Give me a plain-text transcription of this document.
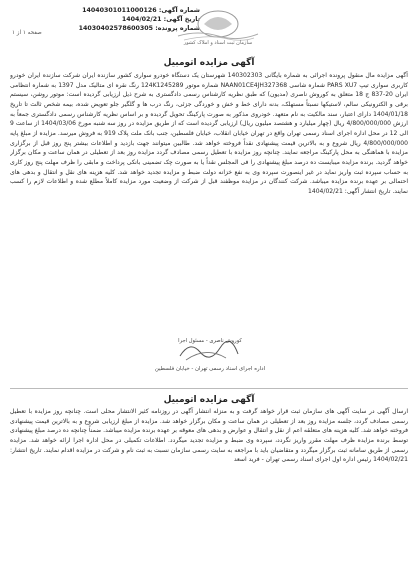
شماره آگهی: 14040301011000126
تاریخ آگهی: 1404/02/21
شماره پرونده: 14030402578600305
صفحه ۱ از ۱
سازمان ثبت اسناد و املاک کشور
آگهی مزایده اتومبیل
آگهی مزایده مال منقول پرونده اجرائی به شماره بایگانی 140302303 شهرستان یک دستگاه خودرو سواری کشور سازنده ایران شرکت سازنده ایران خودرو کاربری سواری تیپ PARS XU7 شماره شاسی NAAN01CE4JH327368 شماره موتور 124K1245289 رنگ نقره ای متالیک مدل 1397 به شماره انتظامی ایران 20-837 ج 18 متعلق به کوروش ناصری (مدیون) که طبق نظریه کارشناس رسمی دادگستری به شرح ذیل ارزیابی گردیده است: موتور روشن، سیستم برقی و الکترونیکی سالم، لاستیکها نسبتاً مستهلک، بدنه دارای خط و خش و خوردگی جزئی، رنگ درب ها و گلگیر جلو تعویض شده، بیمه شخص ثالث تا تاریخ 1404/01/18 دارای اعتبار، سند مالکیت به نام متعهد. خودروی مذکور به صورت پارکینگ تحویل گردیده و بر اساس نظریه کارشناس رسمی دادگستری جمعاً به ارزش 4/800/000/000 ریال (چهار میلیارد و هشتصد میلیون ریال) ارزیابی گردیده است که از طریق مزایده در روز سه شنبه مورخ 1404/03/06 از ساعت 9 الی 12 در محل اداره اجرای اسناد رسمی تهران واقع در تهران خیابان انقلاب، خیابان فلسطین، جنب بانک ملت پلاک 919 به فروش میرسد. مزایده از مبلغ پایه 4/800/000/000 ریال شروع و به بالاترین قیمت پیشنهادی نقداً فروخته خواهد شد. طالبین میتوانند جهت بازدید و اطلاعات بیشتر پنج روز قبل از برگزاری مزایده با هماهنگی به محل پارکینگ مراجعه نمایند. چنانچه روز مزایده با تعطیل رسمی مصادف گردد مزایده روز بعد از تعطیلی در همان ساعت و مکان برگزار خواهد گردید. برنده مزایده میبایست ده درصد مبلغ پیشنهادی را فی المجلس نقداً یا به صورت چک تضمینی بانکی پرداخت و مابقی را ظرف مهلت پنج روز کاری به حساب سپرده ثبت واریز نماید در غیر اینصورت سپرده وی به نفع خزانه دولت ضبط و مزایده تجدید خواهد شد. کلیه هزینه های نقل و انتقال و بدهی های احتمالی بر عهده برنده مزایده میباشد. شرکت کنندگان در مزایده موظفند قبل از شرکت از وضعیت مورد مزایده کاملاً مطلع شده و اطلاعات لازم را کسب نمایند. تاریخ انتشار آگهی: 1404/02/21
کوروش ناصری - مسئول اجرا
اداره اجرای اسناد رسمی تهران - خیابان فلسطین
آگهی مزایده اتومبیل
ارسال آگهی در سایت آگهی های سازمان ثبت قرار خواهد گرفت و به منزله انتشار آگهی در روزنامه کثیر الانتشار محلی است. چنانچه روز مزایده با تعطیل رسمی مصادف گردد، جلسه مزایده روز بعد از تعطیلی در همان ساعت و مکان برگزار خواهد شد. مزایده از مبلغ ارزیابی شروع و به بالاترین قیمت پیشنهادی فروخته خواهد شد. کلیه هزینه های متعلقه اعم از نقل و انتقال و عوارض و بدهی های معوقه بر عهده برنده مزایده میباشد. ضمناً چنانچه ده درصد مبلغ پیشنهادی توسط برنده مزایده ظرف مهلت مقرر واریز نگردد، سپرده وی ضبط و مزایده تجدید میگردد. اطلاعات تکمیلی در محل اداره اجرا ارائه خواهد شد. مزایده رسمی از طریق سامانه ثبت برگزار میگردد و متقاضیان باید با مراجعه به سایت رسمی سازمان نسبت به ثبت نام و شرکت در مزایده اقدام نمایند. تاریخ انتشار: 1404/02/21 رئیس اداره اول اجرای اسناد رسمی تهران - فرید اسعد
